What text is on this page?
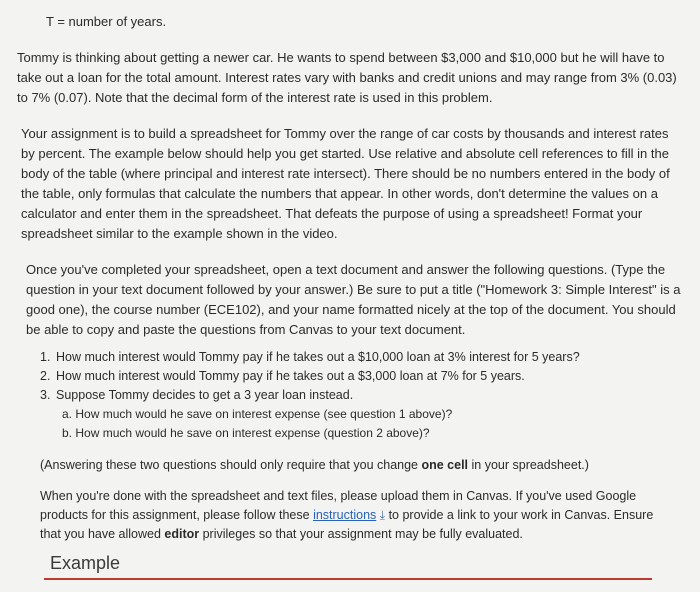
T = number of years.

Tommy is thinking about getting a newer car. He wants to spend between $3,000 and $10,000 but he will have to take out a loan for the total amount. Interest rates vary with banks and credit unions and may range from 3% (0.03) to 7% (0.07). Note that the decimal form of the interest rate is used in this problem.

Your assignment is to build a spreadsheet for Tommy over the range of car costs by thousands and interest rates by percent. The example below should help you get started. Use relative and absolute cell references to fill in the body of the table (where principal and interest rate intersect). There should be no numbers entered in the body of the table, only formulas that calculate the numbers that appear. In other words, don't determine the values on a calculator and enter them in the spreadsheet. That defeats the purpose of using a spreadsheet! Format your spreadsheet similar to the example shown in the video.

Once you've completed your spreadsheet, open a text document and answer the following questions. (Type the question in your text document followed by your answer.) Be sure to put a title ("Homework 3: Simple Interest" is a good one), the course number (ECE102), and your name formatted nicely at the top of the document. You should be able to copy and paste the questions from Canvas to your text document.

1. How much interest would Tommy pay if he takes out a $10,000 loan at 3% interest for 5 years?
2. How much interest would Tommy pay if he takes out a $3,000 loan at 7% for 5 years.
3. Suppose Tommy decides to get a 3 year loan instead.
a. How much would he save on interest expense (see question 1 above)?
b. How much would he save on interest expense (question 2 above)?
(Answering these two questions should only require that you change one cell in your spreadsheet.)

When you're done with the spreadsheet and text files, please upload them in Canvas. If you've used Google products for this assignment, please follow these instructions ⤓ to provide a link to your work in Canvas. Ensure that you have allowed editor privileges so that your assignment may be fully evaluated.

Example
